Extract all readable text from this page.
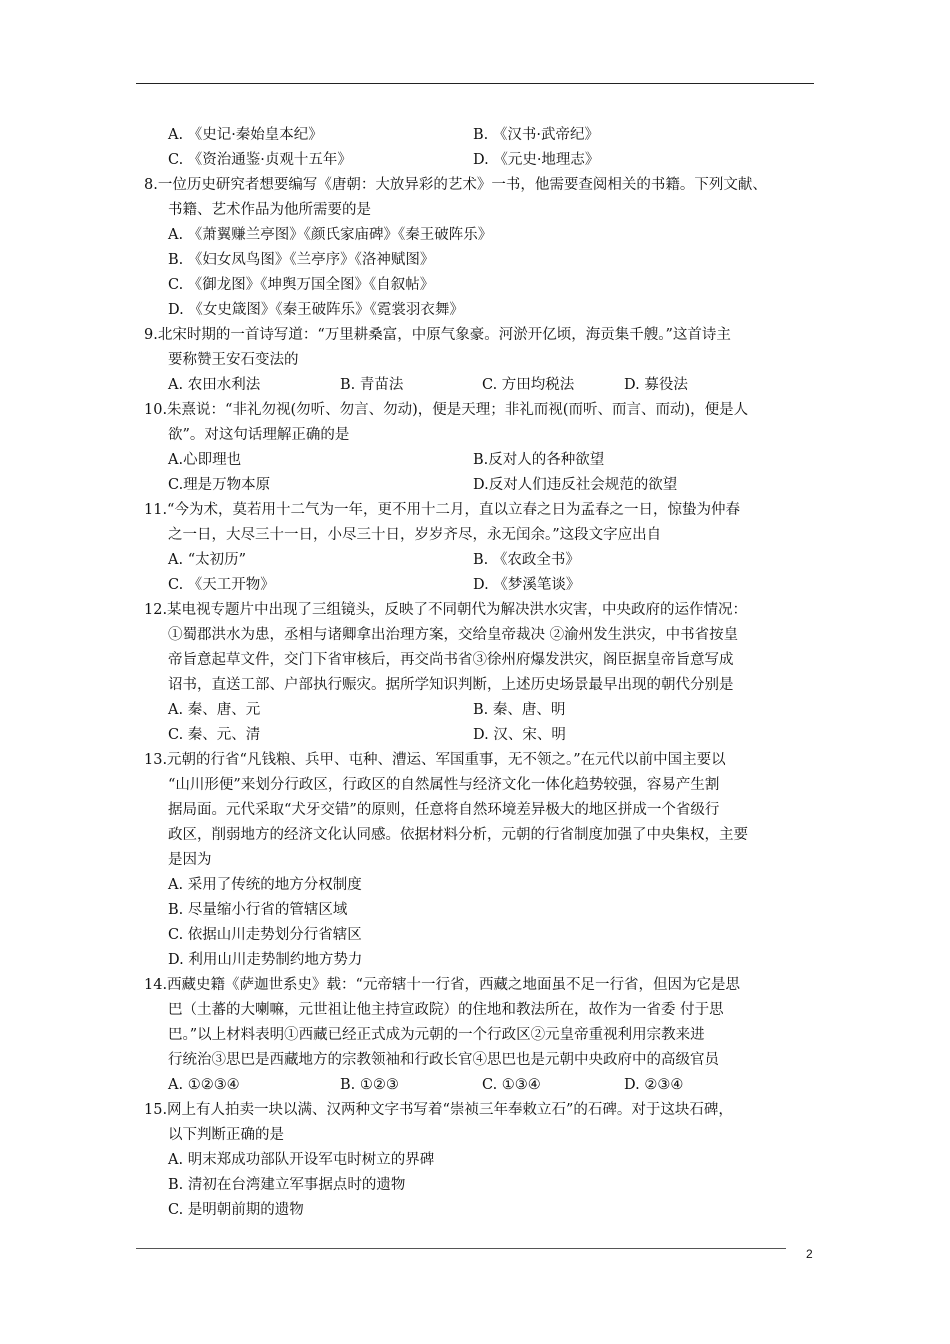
A. 《史记·秦始皇本纪》	B. 《汉书·武帝纪》
C. 《资治通鉴·贞观十五年》	D. 《元史·地理志》
8.一位历史研究者想要编写《唐朝：大放异彩的艺术》一书，他需要查阅相关的书籍。下列文献、
书籍、艺术作品为他所需要的是
A. 《萧翼赚兰亭图》《颜氏家庙碑》《秦王破阵乐》
B. 《妇女凤鸟图》《兰亭序》《洛神赋图》
C. 《御龙图》《坤舆万国全图》《自叙帖》
D. 《女史箴图》《秦王破阵乐》《霓裳羽衣舞》
9.北宋时期的一首诗写道：“万里耕桑富，中原气象豪。河淤开亿顷，海贡集千艘。”这首诗主
要称赞王安石变法的
A. 农田水利法	B. 青苗法	C. 方田均税法	D. 募役法
10.朱熹说：“非礼勿视(勿听、勿言、勿动)，便是天理；非礼而视(而听、而言、而动)，便是人
欲”。对这句话理解正确的是
A.心即理也	B.反对人的各种欲望
C.理是万物本原	D.反对人们违反社会规范的欲望
11.“今为术，莫若用十二气为一年，更不用十二月，直以立春之日为孟春之一日，惊蛰为仲春
之一日，大尽三十一日，小尽三十日，岁岁齐尽，永无闰余。”这段文字应出自
A. “太初历”	B. 《农政全书》
C. 《天工开物》	D. 《梦溪笔谈》
12.某电视专题片中出现了三组镜头，反映了不同朝代为解决洪水灾害，中央政府的运作情况：
①蜀郡洪水为患，丞相与诸卿拿出治理方案，交给皇帝裁决 ②渝州发生洪灾，中书省按皇
帝旨意起草文件，交门下省审核后，再交尚书省③徐州府爆发洪灾，阁臣据皇帝旨意写成
诏书，直送工部、户部执行赈灾。据所学知识判断，上述历史场景最早出现的朝代分别是
A. 秦、唐、元	B. 秦、唐、明
C. 秦、元、清	D. 汉、宋、明
13.元朝的行省“凡钱粮、兵甲、屯种、漕运、军国重事，无不领之。”在元代以前中国主要以
“山川形便”来划分行政区，行政区的自然属性与经济文化一体化趋势较强，容易产生割
据局面。元代采取“犬牙交错”的原则，任意将自然环境差异极大的地区拼成一个省级行
政区，削弱地方的经济文化认同感。依据材料分析，元朝的行省制度加强了中央集权，主要
是因为
A. 采用了传统的地方分权制度
B. 尽量缩小行省的管辖区域
C. 依据山川走势划分行省辖区
D. 利用山川走势制约地方势力
14.西藏史籍《萨迦世系史》载：“元帝辖十一行省，西藏之地面虽不足一行省，但因为它是思
巴（土蕃的大喇嘛，元世祖让他主持宣政院）的住地和教法所在，故作为一省委 付于思
巴。”以上材料表明①西藏已经正式成为元朝的一个行政区②元皇帝重视利用宗教来进
行统治③思巴是西藏地方的宗教领袖和行政长官④思巴也是元朝中央政府中的高级官员
A. ①②③④	B. ①②③	C. ①③④	D. ②③④
15.网上有人拍卖一块以满、汉两种文字书写着“崇祯三年奉敕立石”的石碑。对于这块石碑，
以下判断正确的是
A. 明末郑成功部队开设军屯时树立的界碑
B. 清初在台湾建立军事据点时的遗物
C. 是明朝前期的遗物
2
